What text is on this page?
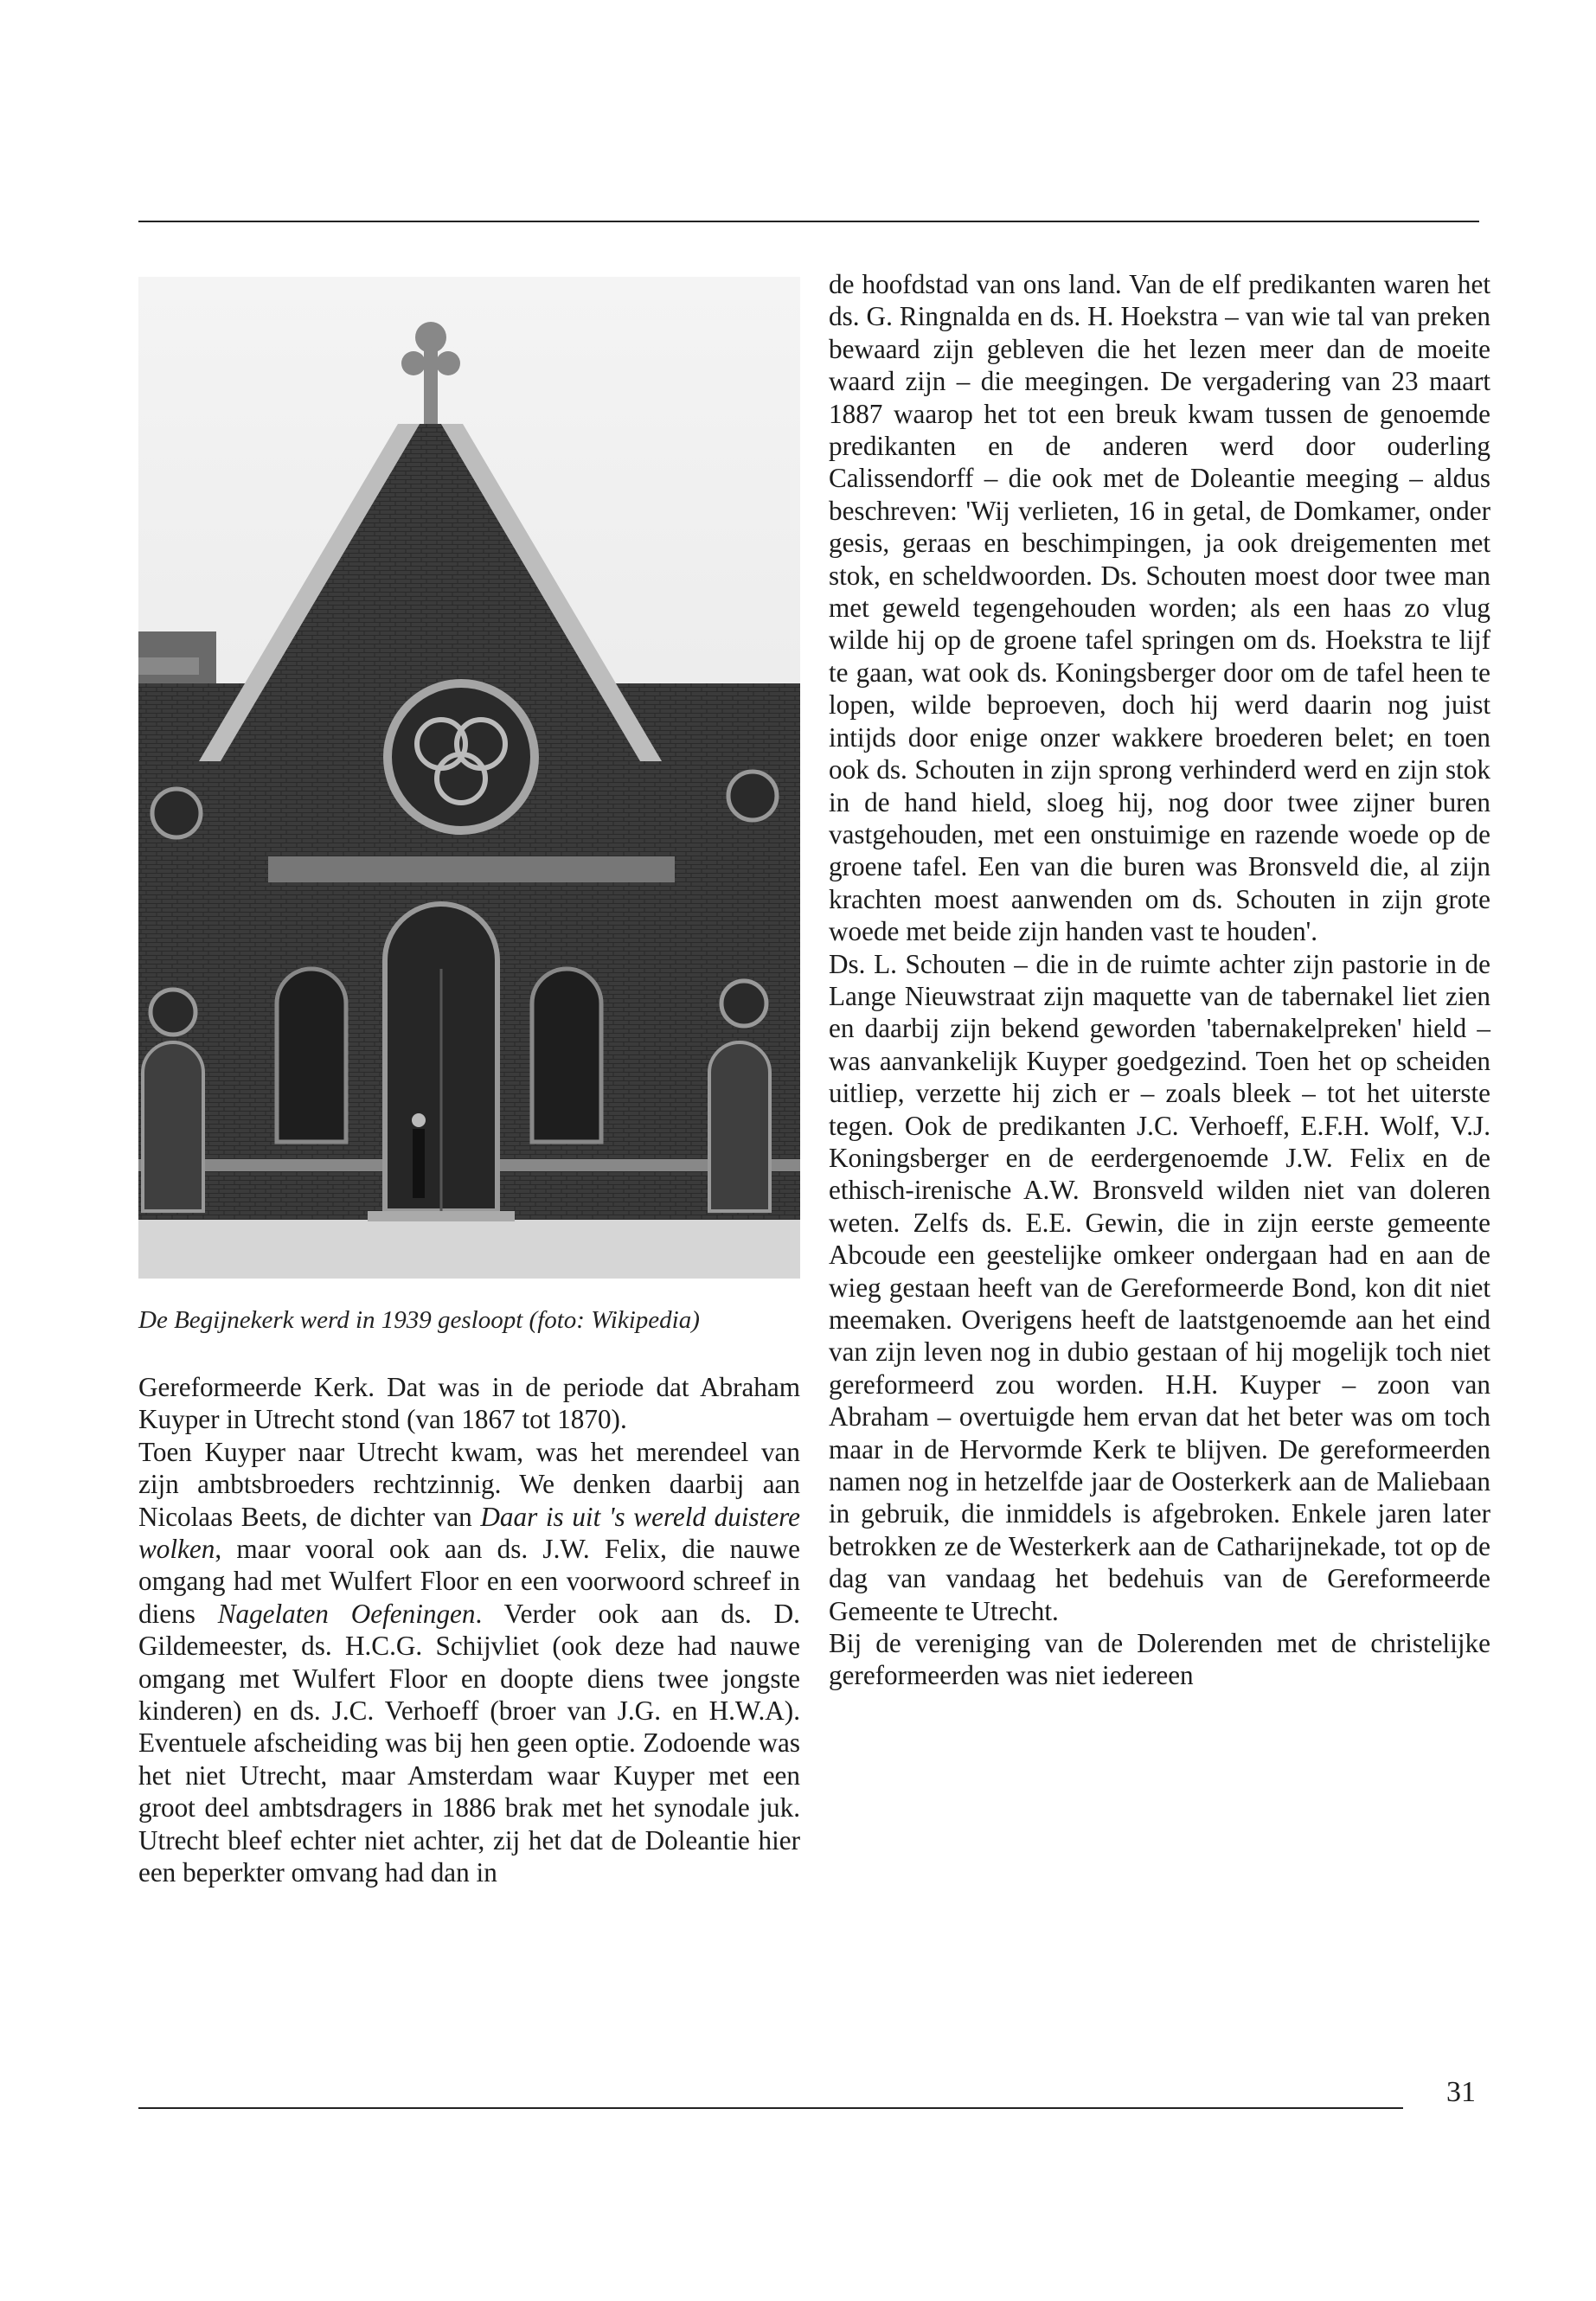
De Begijnekerk werd in 1939 gesloopt (foto: Wikipedia)

Gereformeerde Kerk. Dat was in de periode dat Abraham Kuyper in Utrecht stond (van 1867 tot 1870).

Toen Kuyper naar Utrecht kwam, was het merendeel van zijn ambtsbroeders rechtzinnig. We denken daarbij aan Nicolaas Beets, de dichter van Daar is uit 's wereld duistere wolken, maar vooral ook aan ds. J.W. Felix, die nauwe omgang had met Wulfert Floor en een voorwoord schreef in diens Nagelaten Oefeningen. Verder ook aan ds. D. Gildemeester, ds. H.C.G. Schijvliet (ook deze had nauwe omgang met Wulfert Floor en doopte diens twee jongste kinderen) en ds. J.C. Verhoeff (broer van J.G. en H.W.A). Eventuele afscheiding was bij hen geen optie. Zodoende was het niet Utrecht, maar Amsterdam waar Kuyper met een groot deel ambtsdragers in 1886 brak met het synodale juk. Utrecht bleef echter niet achter, zij het dat de Doleantie hier een beperkter omvang had dan in

de hoofdstad van ons land. Van de elf predikanten waren het ds. G. Ringnalda en ds. H. Hoekstra – van wie tal van preken bewaard zijn gebleven die het lezen meer dan de moeite waard zijn – die meegingen. De vergadering van 23 maart 1887 waarop het tot een breuk kwam tussen de genoemde predikanten en de anderen werd door ouderling Calissendorff – die ook met de Doleantie meeging – aldus beschreven: 'Wij verlieten, 16 in getal, de Domkamer, onder gesis, geraas en beschimpingen, ja ook dreigementen met stok, en scheldwoorden. Ds. Schouten moest door twee man met geweld tegengehouden worden; als een haas zo vlug wilde hij op de groene tafel springen om ds. Hoekstra te lijf te gaan, wat ook ds. Koningsberger door om de tafel heen te lopen, wilde beproeven, doch hij werd daarin nog juist intijds door enige onzer wakkere broederen belet; en toen ook ds. Schouten in zijn sprong verhinderd werd en zijn stok in de hand hield, sloeg hij, nog door twee zijner buren vastgehouden, met een onstuimige en razende woede op de groene tafel. Een van die buren was Bronsveld die, al zijn krachten moest aanwenden om ds. Schouten in zijn grote woede met beide zijn handen vast te houden'.

Ds. L. Schouten – die in de ruimte achter zijn pastorie in de Lange Nieuwstraat zijn maquette van de tabernakel liet zien en daarbij zijn bekend geworden 'tabernakelpreken' hield – was aanvankelijk Kuyper goedgezind. Toen het op scheiden uitliep, verzette hij zich er – zoals bleek – tot het uiterste tegen. Ook de predikanten J.C. Verhoeff, E.F.H. Wolf, V.J. Koningsberger en de eerdergenoemde J.W. Felix en de ethisch-irenische A.W. Bronsveld wilden niet van doleren weten. Zelfs ds. E.E. Gewin, die in zijn eerste gemeente Abcoude een geestelijke omkeer ondergaan had en aan de wieg gestaan heeft van de Gereformeerde Bond, kon dit niet meemaken. Overigens heeft de laatstgenoemde aan het eind van zijn leven nog in dubio gestaan of hij mogelijk toch niet gereformeerd zou worden. H.H. Kuyper – zoon van Abraham – overtuigde hem ervan dat het beter was om toch maar in de Hervormde Kerk te blijven. De gereformeerden namen nog in hetzelfde jaar de Oosterkerk aan de Maliebaan in gebruik, die inmiddels is afgebroken. Enkele jaren later betrokken ze de Westerkerk aan de Catharijnekade, tot op de dag van vandaag het bedehuis van de Gereformeerde Gemeente te Utrecht.

Bij de vereniging van de Dolerenden met de christelijke gereformeerden was niet iedereen

31
